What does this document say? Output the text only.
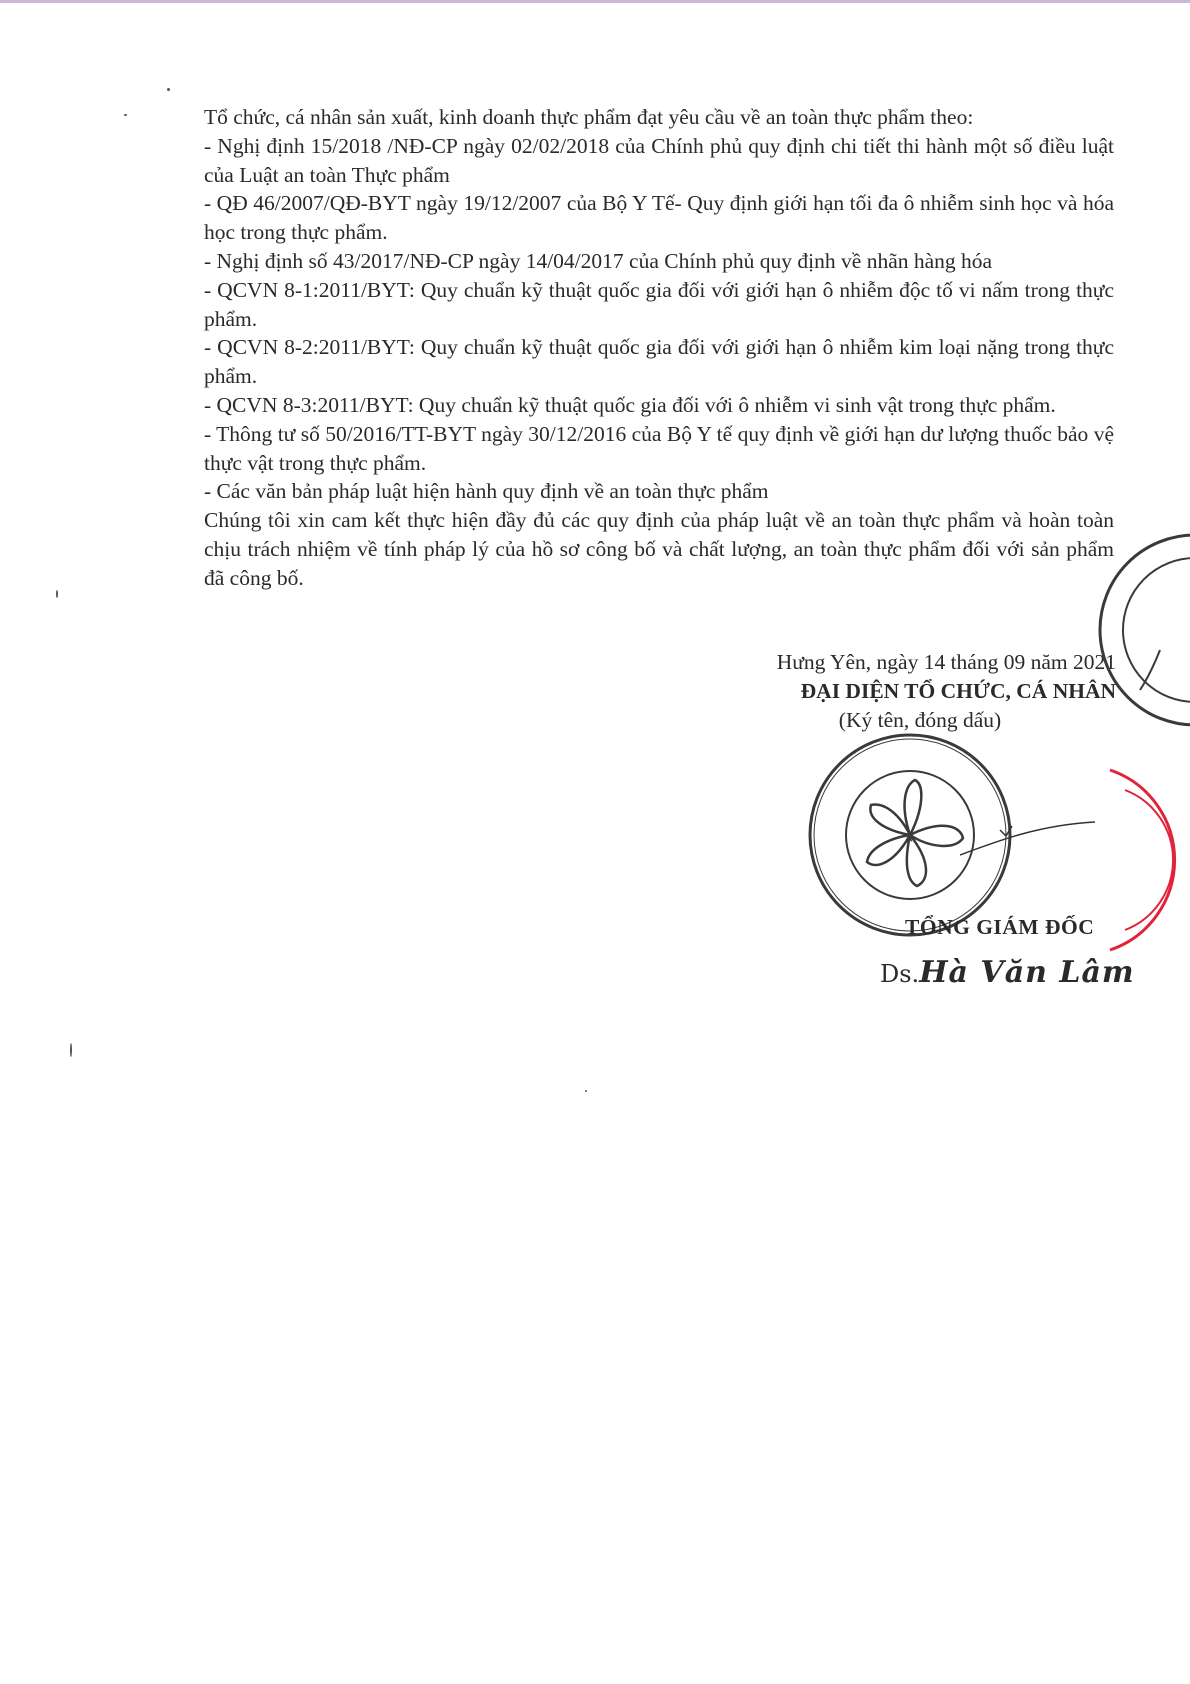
Tổ chức, cá nhân sản xuất, kinh doanh thực phẩm đạt yêu cầu về an toàn thực phẩm theo:

- Nghị định 15/2018 /NĐ-CP ngày 02/02/2018 của Chính phủ quy định chi tiết thi hành một số điều luật của Luật an toàn Thực phẩm

- QĐ 46/2007/QĐ-BYT ngày 19/12/2007 của Bộ Y Tế- Quy định giới hạn tối đa ô nhiễm sinh học và hóa học trong thực phẩm.

- Nghị định số 43/2017/NĐ-CP ngày 14/04/2017 của Chính phủ quy định về nhãn hàng hóa

- QCVN 8-1:2011/BYT: Quy chuẩn kỹ thuật quốc gia đối với giới hạn ô nhiễm độc tố vi nấm trong thực phẩm.

- QCVN 8-2:2011/BYT: Quy chuẩn kỹ thuật quốc gia đối với giới hạn ô nhiễm kim loại nặng trong thực phẩm.

- QCVN 8-3:2011/BYT: Quy chuẩn kỹ thuật quốc gia đối với ô nhiễm vi sinh vật trong thực phẩm.

- Thông tư số 50/2016/TT-BYT ngày 30/12/2016 của Bộ Y tế quy định về giới hạn dư lượng thuốc bảo vệ thực vật trong thực phẩm.

- Các văn bản pháp luật hiện hành quy định về an toàn thực phẩm

Chúng tôi xin cam kết thực hiện đầy đủ các quy định của pháp luật về an toàn thực phẩm và hoàn toàn chịu trách nhiệm về tính pháp lý của hồ sơ công bố và chất lượng, an toàn thực phẩm đối với sản phẩm đã công bố.

Hưng Yên, ngày 14 tháng 09 năm 2021
ĐẠI DIỆN TỔ CHỨC, CÁ NHÂN
(Ký tên, đóng dấu)
★
TỔNG GIÁM ĐỐC
Ds.Hà Văn Lâm
